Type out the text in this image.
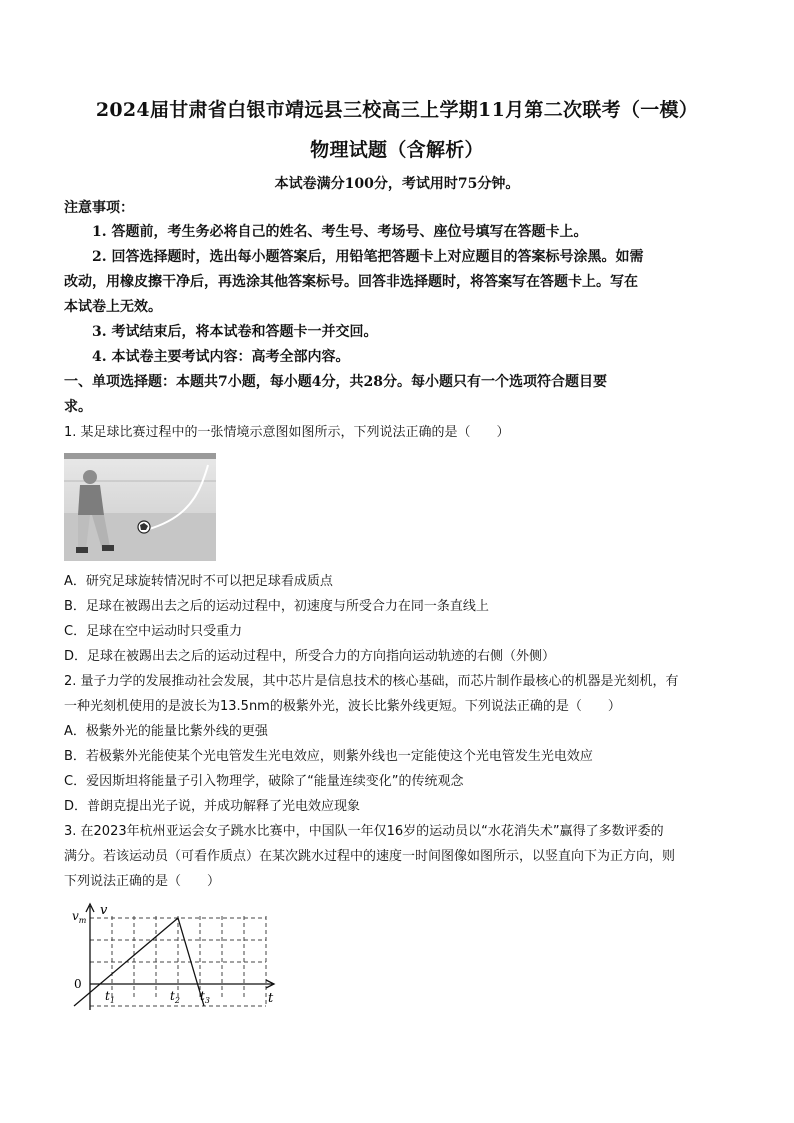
2024届甘肃省白银市靖远县三校高三上学期11月第二次联考（一模）
物理试题（含解析）
本试卷满分100分，考试用时75分钟。
注意事项：
1. 答题前，考生务必将自己的姓名、考生号、考场号、座位号填写在答题卡上。
2. 回答选择题时，选出每小题答案后，用铅笔把答题卡上对应题目的答案标号涂黑。如需
改动，用橡皮擦干净后，再选涂其他答案标号。回答非选择题时，将答案写在答题卡上。写在
本试卷上无效。
3. 考试结束后，将本试卷和答题卡一并交回。
4. 本试卷主要考试内容：高考全部内容。
一、单项选择题：本题共7小题，每小题4分，共28分。每小题只有一个选项符合题目要
求。
1. 某足球比赛过程中的一张情境示意图如图所示，下列说法正确的是（　　）
A．研究足球旋转情况时不可以把足球看成质点
B．足球在被踢出去之后的运动过程中，初速度与所受合力在同一条直线上
C．足球在空中运动时只受重力
D．足球在被踢出去之后的运动过程中，所受合力的方向指向运动轨迹的右侧（外侧）
2. 量子力学的发展推动社会发展，其中芯片是信息技术的核心基础，而芯片制作最核心的机器是光刻机，有
一种光刻机使用的是波长为13.5nm的极紫外光，波长比紫外线更短。下列说法正确的是（　　）
A．极紫外光的能量比紫外线的更强
B．若极紫外光能使某个光电管发生光电效应，则紫外线也一定能使这个光电管发生光电效应
C．爱因斯坦将能量子引入物理学，破除了“能量连续变化”的传统观念
D．普朗克提出光子说，并成功解释了光电效应现象
3. 在2023年杭州亚运会女子跳水比赛中，中国队一年仅16岁的运动员以“水花消失术”赢得了多数评委的
满分。若该运动员（可看作质点）在某次跳水过程中的速度一时间图像如图所示，以竖直向下为正方向，则
下列说法正确的是（　　）
v
$v_m$
0
t
$t_1$	$t_2$ $t_3$
